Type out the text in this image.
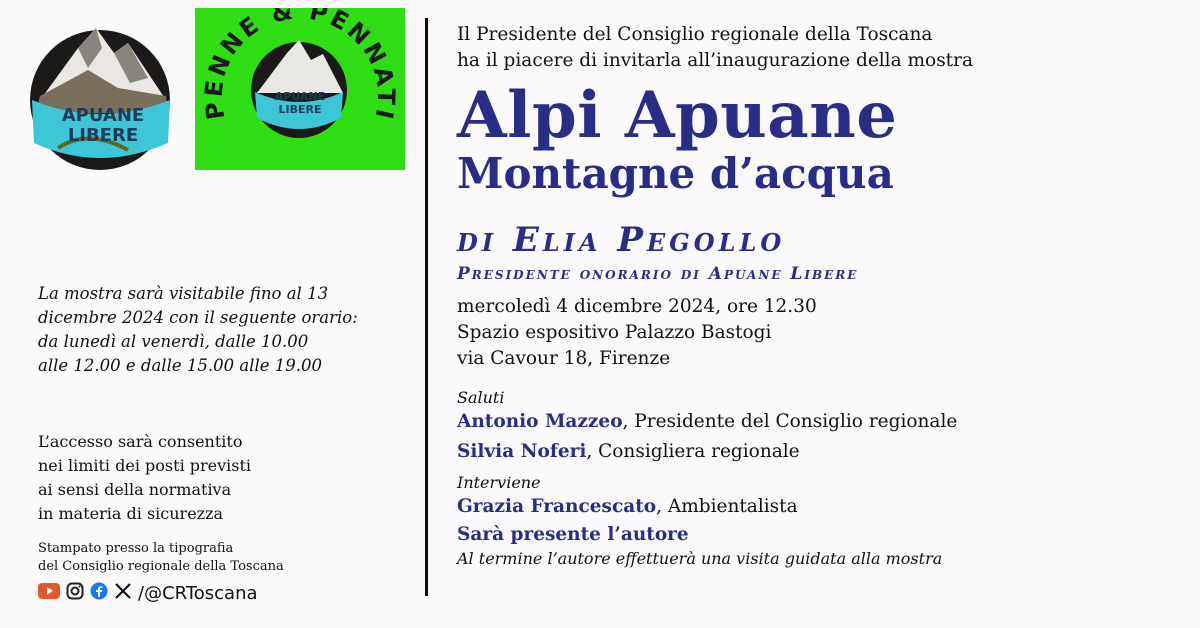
APUANE
LIBERE
PENNE & PENNATI
APUANE
LIBERE
La mostra sarà visitabile fino al 13
dicembre 2024 con il seguente orario:
da lunedì al venerdì, dalle 10.00
alle 12.00 e dalle 15.00 alle 19.00
L’accesso sarà consentito
nei limiti dei posti previsti
ai sensi della normativa
in materia di sicurezza
Stampato presso la tipografia
del Consiglio regionale della Toscana
/@CRToscana

Il Presidente del Consiglio regionale della Toscana

ha il piacere di invitarla all’inaugurazione della mostra

Alpi Apuane
Montagne d’acqua
di Elia Pegollo
Presidente onorario di Apuane Libere

mercoledì 4 dicembre 2024, ore 12.30

Spazio espositivo Palazzo Bastogi

via Cavour 18, Firenze

Saluti

Antonio Mazzeo, Presidente del Consiglio regionale

Silvia Noferi, Consigliera regionale

Interviene

Grazia Francescato, Ambientalista

Sarà presente l’autore

Al termine l’autore effettuerà una visita guidata alla mostra
